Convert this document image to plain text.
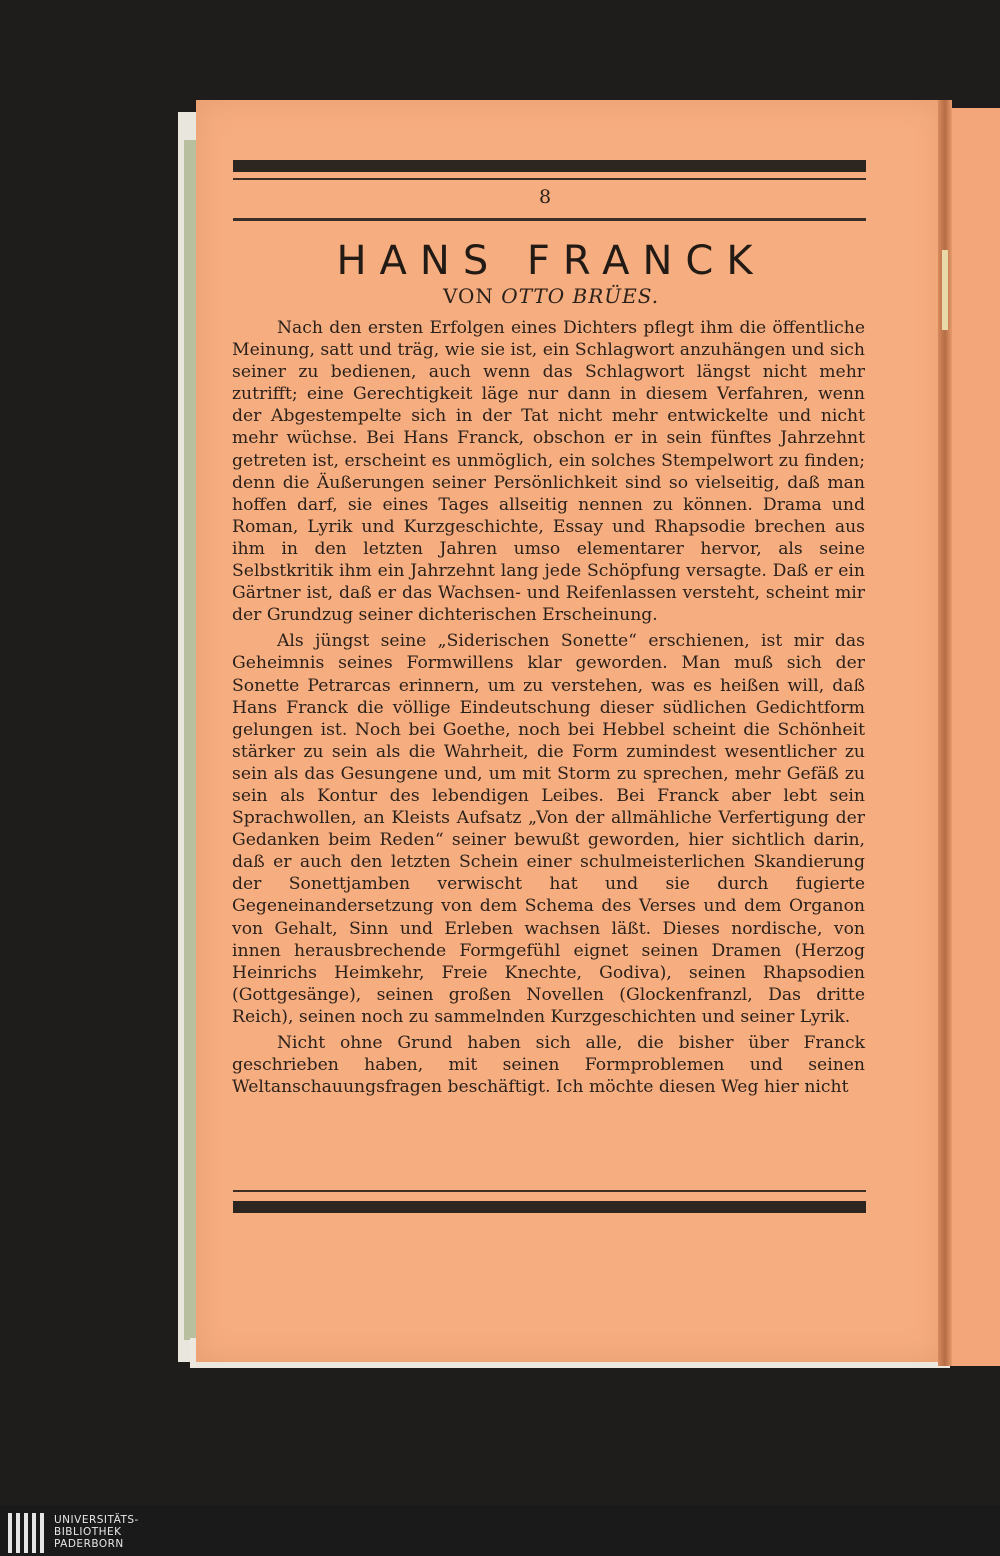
8
HANS FRANCK
VON OTTO BRÜES.

Nach den ersten Erfolgen eines Dichters pflegt ihm die öffentliche Meinung, satt und träg, wie sie ist, ein Schlagwort anzuhängen und sich seiner zu bedienen, auch wenn das Schlagwort längst nicht mehr zutrifft; eine Gerechtigkeit läge nur dann in diesem Verfahren, wenn der Abgestempelte sich in der Tat nicht mehr entwickelte und nicht mehr wüchse. Bei Hans Franck, obschon er in sein fünftes Jahrzehnt getreten ist, erscheint es unmöglich, ein solches Stempelwort zu finden; denn die Äußerungen seiner Persönlichkeit sind so vielseitig, daß man hoffen darf, sie eines Tages allseitig nennen zu können. Drama und Roman, Lyrik und Kurzgeschichte, Essay und Rhapsodie brechen aus ihm in den letzten Jahren umso elementarer hervor, als seine Selbstkritik ihm ein Jahrzehnt lang jede Schöpfung versagte. Daß er ein Gärtner ist, daß er das Wachsen- und Reifenlassen versteht, scheint mir der Grundzug seiner dichterischen Erscheinung.

Als jüngst seine „Siderischen Sonette“ erschienen, ist mir das Geheimnis seines Formwillens klar geworden. Man muß sich der Sonette Petrarcas erinnern, um zu verstehen, was es heißen will, daß Hans Franck die völlige Eindeutschung dieser südlichen Gedichtform gelungen ist. Noch bei Goethe, noch bei Hebbel scheint die Schönheit stärker zu sein als die Wahrheit, die Form zumindest wesentlicher zu sein als das Gesungene und, um mit Storm zu sprechen, mehr Gefäß zu sein als Kontur des lebendigen Leibes. Bei Franck aber lebt sein Sprachwollen, an Kleists Aufsatz „Von der allmähliche Verfertigung der Gedanken beim Reden“ seiner bewußt geworden, hier sichtlich darin, daß er auch den letzten Schein einer schulmeisterlichen Skandierung der Sonettjamben verwischt hat und sie durch fugierte Gegeneinandersetzung von dem Schema des Verses und dem Organon von Gehalt, Sinn und Erleben wachsen läßt. Dieses nordische, von innen herausbrechende Formgefühl eignet seinen Dramen (Herzog Heinrichs Heimkehr, Freie Knechte, Godiva), seinen Rhapsodien (Gottgesänge), seinen großen Novellen (Glockenfranzl, Das dritte Reich), seinen noch zu sammelnden Kurzgeschichten und seiner Lyrik.

Nicht ohne Grund haben sich alle, die bisher über Franck geschrieben haben, mit seinen Formproblemen und seinen Weltanschauungsfragen beschäftigt. Ich möchte diesen Weg hier nicht

UNIVERSITÄTS-
BIBLIOTHEK
PADERBORN
